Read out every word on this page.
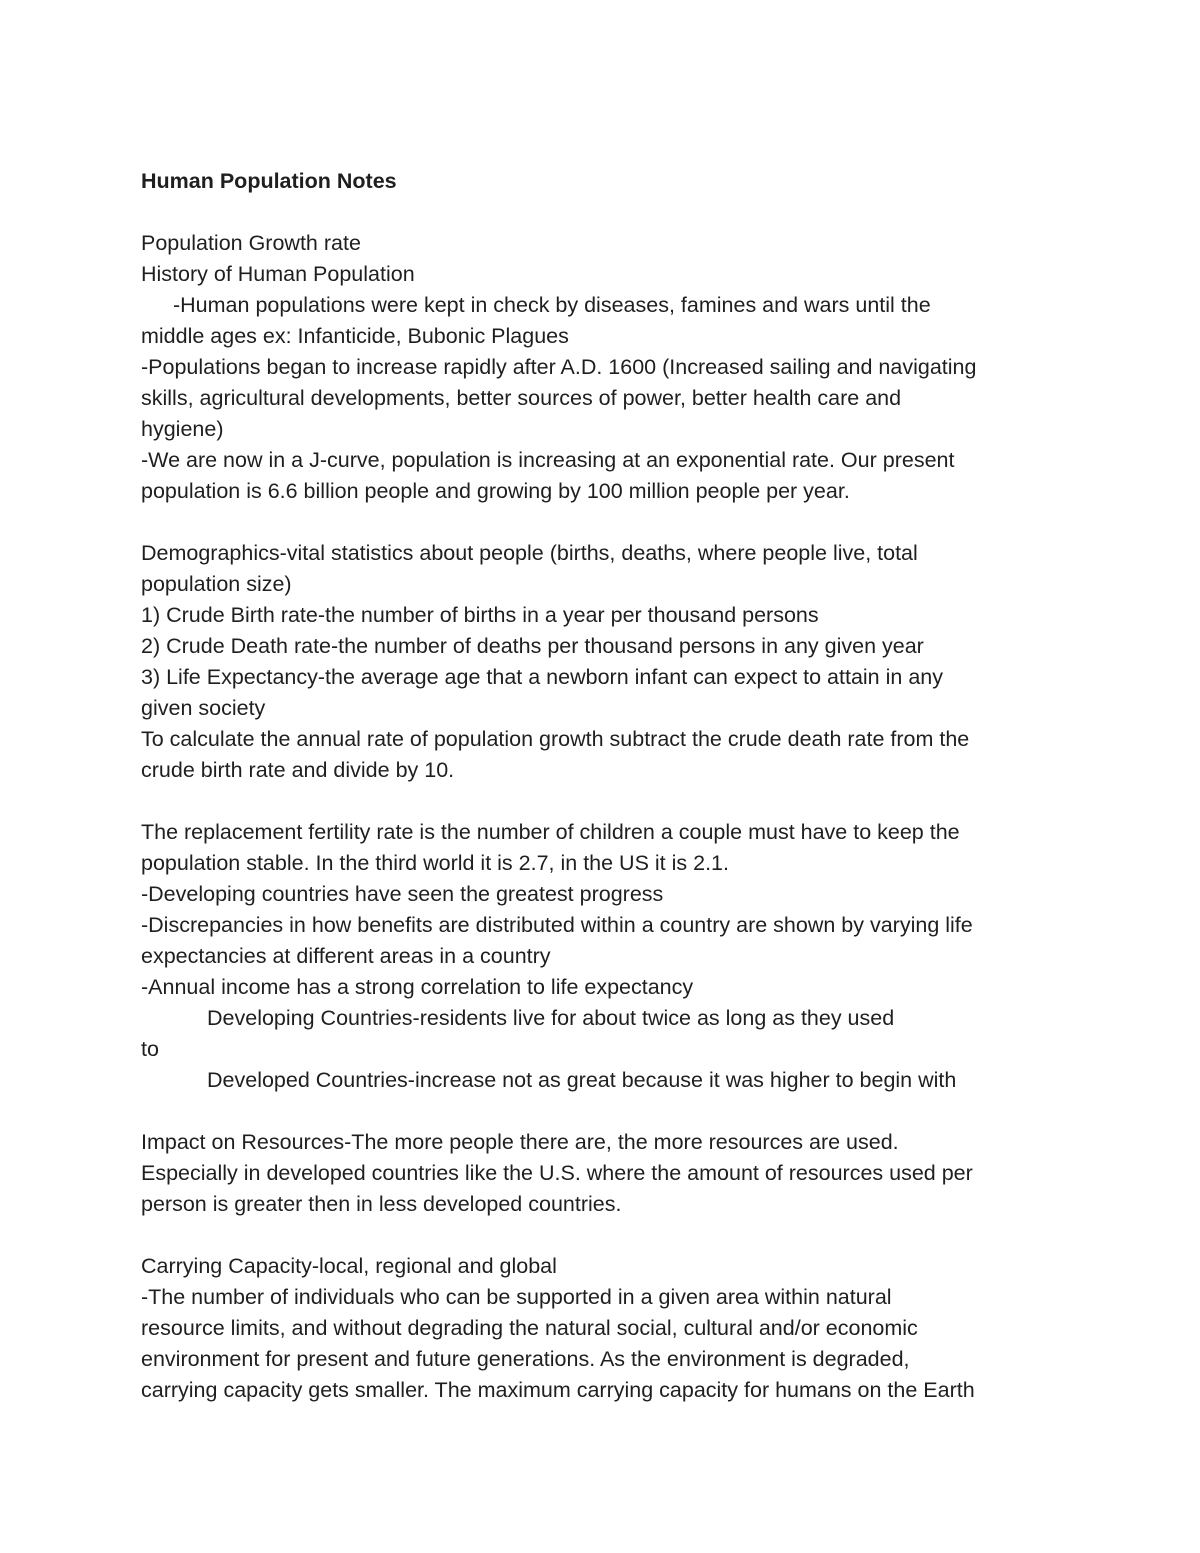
Human Population Notes
Population Growth rate
History of Human Population
-Human populations were kept in check by diseases, famines and wars until the
middle ages ex: Infanticide, Bubonic Plagues
-Populations began to increase rapidly after A.D. 1600 (Increased sailing and navigating
skills, agricultural developments, better sources of power, better health care and
hygiene)
-We are now in a J-curve, population is increasing at an exponential rate. Our present
population is 6.6 billion people and growing by 100 million people per year.
Demographics-vital statistics about people (births, deaths, where people live, total
population size)
1) Crude Birth rate-the number of births in a year per thousand persons
2) Crude Death rate-the number of deaths per thousand persons in any given year
3) Life Expectancy-the average age that a newborn infant can expect to attain in any
given society
To calculate the annual rate of population growth subtract the crude death rate from the
crude birth rate and divide by 10.
The replacement fertility rate is the number of children a couple must have to keep the
population stable. In the third world it is 2.7, in the US it is 2.1.
-Developing countries have seen the greatest progress
-Discrepancies in how benefits are distributed within a country are shown by varying life
expectancies at different areas in a country
-Annual income has a strong correlation to life expectancy
Developing Countries-residents live for about twice as long as they used
to
Developed Countries-increase not as great because it was higher to begin with
Impact on Resources-The more people there are, the more resources are used.
Especially in developed countries like the U.S. where the amount of resources used per
person is greater then in less developed countries.
Carrying Capacity-local, regional and global
-The number of individuals who can be supported in a given area within natural
resource limits, and without degrading the natural social, cultural and/or economic
environment for present and future generations. As the environment is degraded,
carrying capacity gets smaller. The maximum carrying capacity for humans on the Earth
